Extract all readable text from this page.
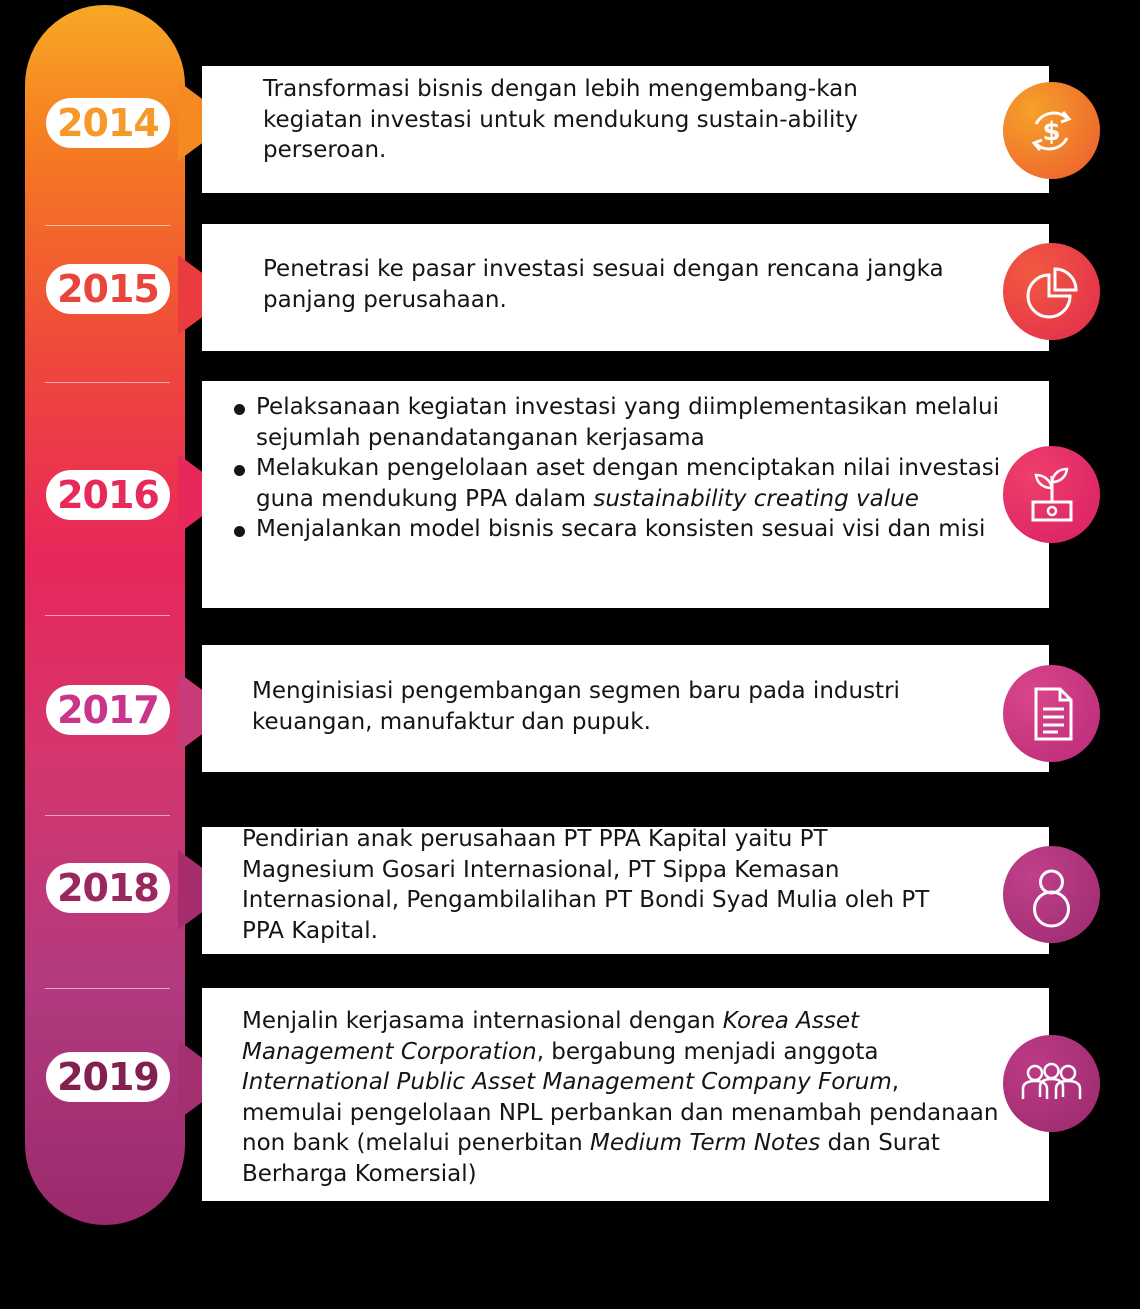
2014

Transformasi bisnis dengan lebih mengembang-kan kegiatan investasi untuk mendukung sustain-ability perseroan.

$
2015	Penetrasi ke pasar investasi sesuai dengan rencana jangka panjang perusahaan.

2016

Pelaksanaan kegiatan investasi yang diimplementasikan melalui sejumlah penandatanganan kerjasama

Melakukan pengelolaan aset dengan menciptakan nilai investasi guna mendukung PPA dalam sustainability creating value

Menjalankan model bisnis secara konsisten sesuai visi dan misi

2017	Menginisiasi pengembangan segmen baru pada industri keuangan, manufaktur dan pupuk.

2018

Pendirian anak perusahaan PT PPA Kapital yaitu PT Magnesium Gosari Internasional, PT Sippa Kemasan Internasional, Pengambilalihan PT Bondi Syad Mulia oleh PT PPA Kapital.

2019

Menjalin kerjasama internasional dengan Korea Asset Management Corporation, bergabung menjadi anggota International Public Asset Management Company Forum, memulai pengelolaan NPL perbankan dan menambah pendanaan non bank (melalui penerbitan Medium Term Notes dan Surat Berharga Komersial)
